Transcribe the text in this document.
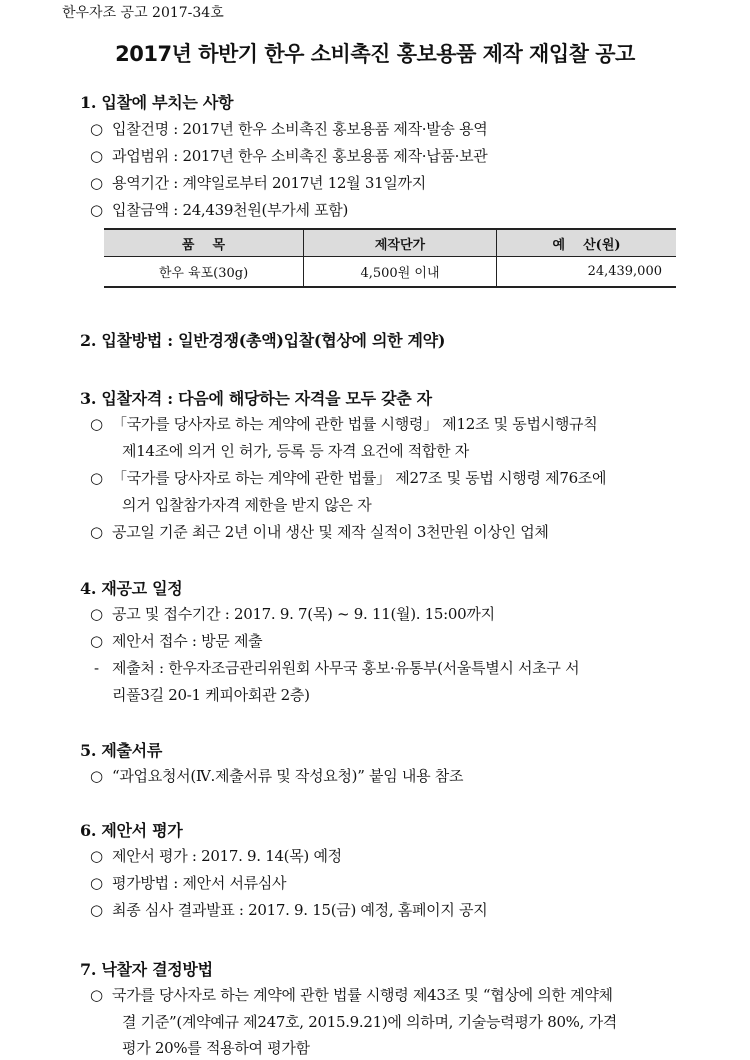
한우자조 공고 2017-34호
2017년 하반기 한우 소비촉진 홍보용품 제작 재입찰 공고
1. 입찰에 부치는 사항
○ 입찰건명 : 2017년 한우 소비촉진 홍보용품 제작·발송 용역
○ 과업범위 : 2017년 한우 소비촉진 홍보용품 제작·납품·보관
○ 용역기간 : 계약일로부터 2017년 12월 31일까지
○ 입찰금액 : 24,439천원(부가세 포함)
품    목	제작단가	예    산(원)
한우 육포(30g)	4,500원 이내	24,439,000
2. 입찰방법 : 일반경쟁(총액)입찰(협상에 의한 계약)
3. 입찰자격 : 다음에 해당하는 자격을 모두 갖춘 자
○ 「국가를 당사자로 하는 계약에 관한 법률 시행령」 제12조 및 동법시행규칙
제14조에 의거 인 허가, 등록 등 자격 요건에 적합한 자
○ 「국가를 당사자로 하는 계약에 관한 법률」 제27조 및 동법 시행령 제76조에
의거 입찰참가자격 제한을 받지 않은 자
○ 공고일 기준 최근 2년 이내 생산 및 제작 실적이 3천만원 이상인 업체
4. 재공고 일정
○ 공고 및 접수기간 : 2017. 9. 7(목) ~ 9. 11(월). 15:00까지
○ 제안서 접수 : 방문 제출
- 제출처 : 한우자조금관리위원회 사무국 홍보·유통부(서울특별시 서초구 서
리풀3길 20-1 케피아회관 2층)
5. 제출서류
○ “과업요청서(Ⅳ.제출서류 및 작성요청)” 붙임 내용 참조
6. 제안서 평가
○ 제안서 평가 : 2017. 9. 14(목) 예정
○ 평가방법 : 제안서 서류심사
○ 최종 심사 결과발표 : 2017. 9. 15(금) 예정, 홈페이지 공지
7. 낙찰자 결정방법
○ 국가를 당사자로 하는 계약에 관한 법률 시행령 제43조 및 “협상에 의한 계약체
결 기준”(계약예규 제247호, 2015.9.21)에 의하며, 기술능력평가 80%, 가격
평가 20%를 적용하여 평가함
